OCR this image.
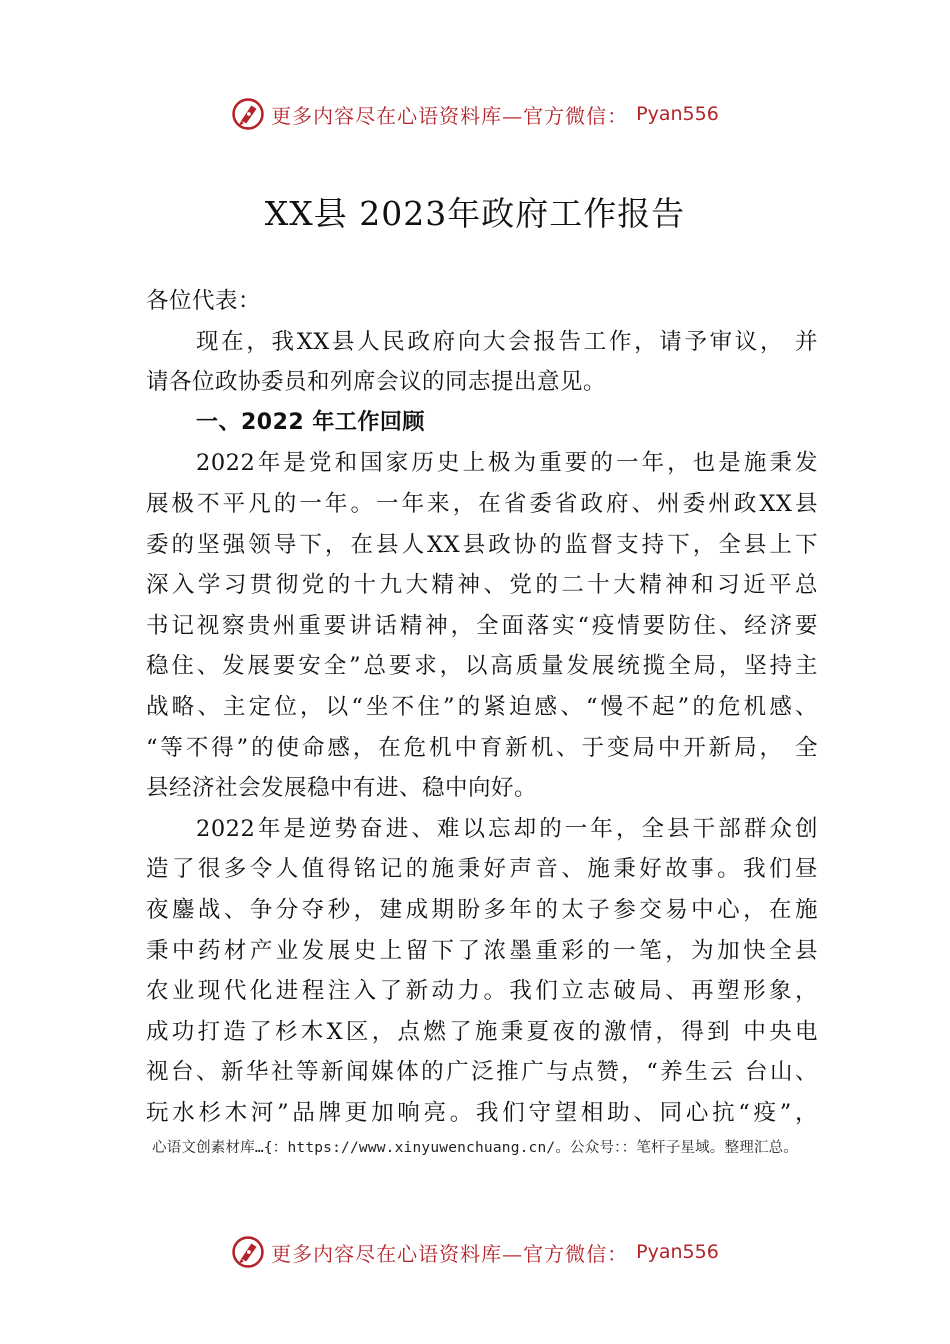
更多内容尽在心语资料库—官方微信： Pyan556
XX县 2023年政府工作报告
各位代表：
现在，我XX县人民政府向大会报告工作，请予审议， 并
请各位政协委员和列席会议的同志提出意见。
一、2022 年工作回顾
2022年是党和国家历史上极为重要的一年，也是施秉发
展极不平凡的一年。一年来，在省委省政府、州委州政XX县
委的坚强领导下，在县人XX县政协的监督支持下，全县上下
深入学习贯彻党的十九大精神、党的二十大精神和习近平总
书记视察贵州重要讲话精神，全面落实“疫情要防住、经济要
稳住、发展要安全”总要求，以高质量发展统揽全局，坚持主
战略、主定位，以“坐不住”的紧迫感、“慢不起”的危机感、
“等不得”的使命感，在危机中育新机、于变局中开新局， 全
县经济社会发展稳中有进、稳中向好。
2022年是逆势奋进、难以忘却的一年，全县干部群众创
造了很多令人值得铭记的施秉好声音、施秉好故事。我们昼
夜鏖战、争分夺秒，建成期盼多年的太子参交易中心，在施
秉中药材产业发展史上留下了浓墨重彩的一笔，为加快全县
农业现代化进程注入了新动力。我们立志破局、再塑形象，
成功打造了杉木X区，点燃了施秉夏夜的激情，得到 中央电
视台、新华社等新闻媒体的广泛推广与点赞，“养生云 台山、
玩水杉木河”品牌更加响亮。我们守望相助、同心抗“疫”，
心语文创素材库…{：https://www.xinyuwenchuang.cn/。公众号：：笔杆子星域。整理汇总。
更多内容尽在心语资料库—官方微信： Pyan556
